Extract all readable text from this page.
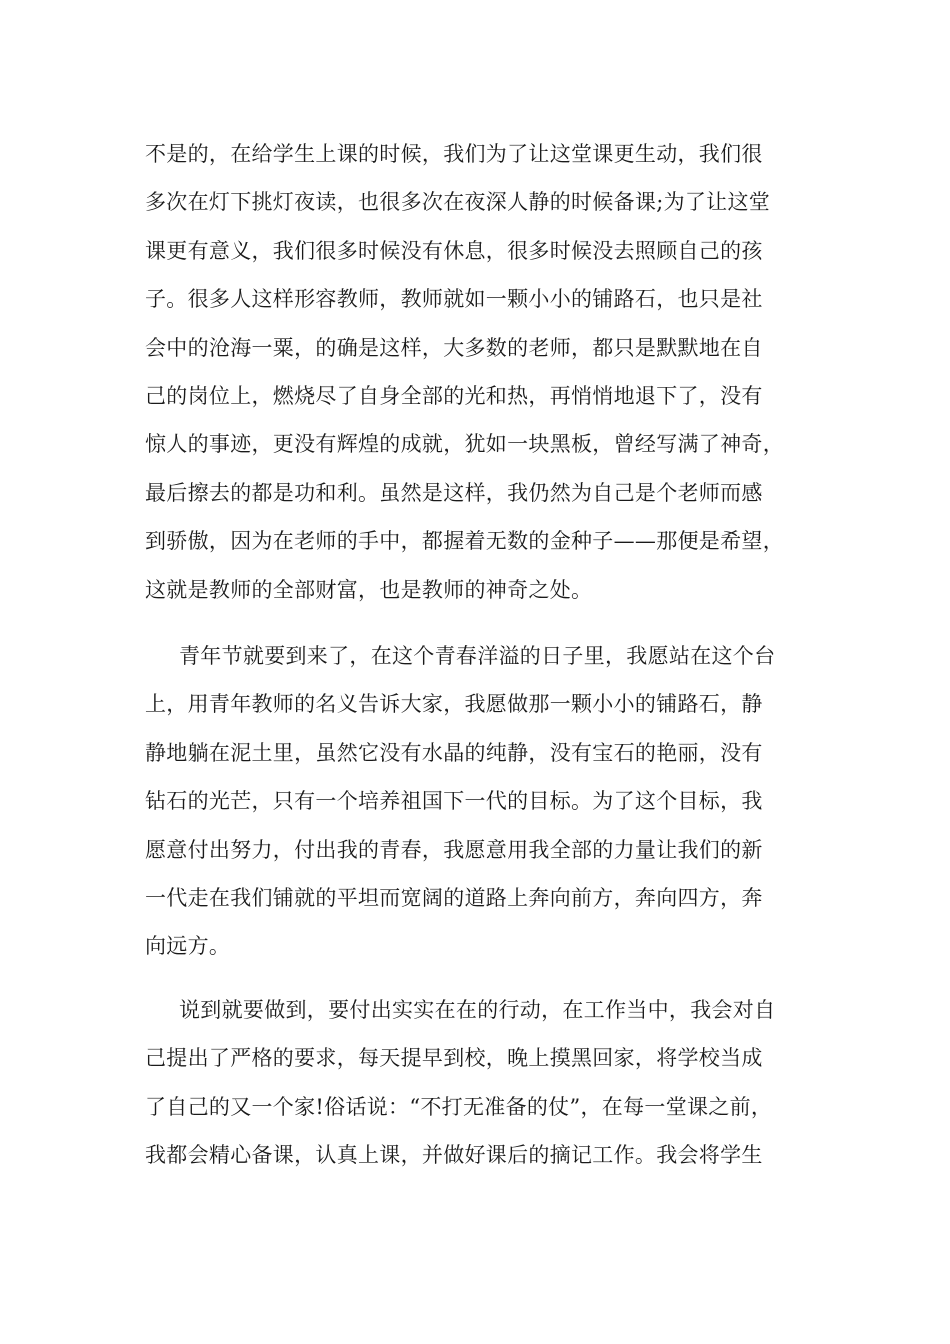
不是的，在给学生上课的时候，我们为了让这堂课更生动，我们很
多次在灯下挑灯夜读，也很多次在夜深人静的时候备课;为了让这堂
课更有意义，我们很多时候没有休息，很多时候没去照顾自己的孩
子。很多人这样形容教师，教师就如一颗小小的铺路石，也只是社
会中的沧海一粟，的确是这样，大多数的老师，都只是默默地在自
己的岗位上，燃烧尽了自身全部的光和热，再悄悄地退下了，没有
惊人的事迹，更没有辉煌的成就，犹如一块黑板，曾经写满了神奇，
最后擦去的都是功和利。虽然是这样，我仍然为自己是个老师而感
到骄傲，因为在老师的手中，都握着无数的金种子——那便是希望，
这就是教师的全部财富，也是教师的神奇之处。
青年节就要到来了，在这个青春洋溢的日子里，我愿站在这个台
上，用青年教师的名义告诉大家，我愿做那一颗小小的铺路石，静
静地躺在泥土里，虽然它没有水晶的纯静，没有宝石的艳丽，没有
钻石的光芒，只有一个培养祖国下一代的目标。为了这个目标，我
愿意付出努力，付出我的青春，我愿意用我全部的力量让我们的新
一代走在我们铺就的平坦而宽阔的道路上奔向前方，奔向四方，奔
向远方。
说到就要做到，要付出实实在在的行动，在工作当中，我会对自
己提出了严格的要求，每天提早到校，晚上摸黑回家，将学校当成
了自己的又一个家!俗话说：“不打无准备的仗”，在每一堂课之前，
我都会精心备课，认真上课，并做好课后的摘记工作。我会将学生
